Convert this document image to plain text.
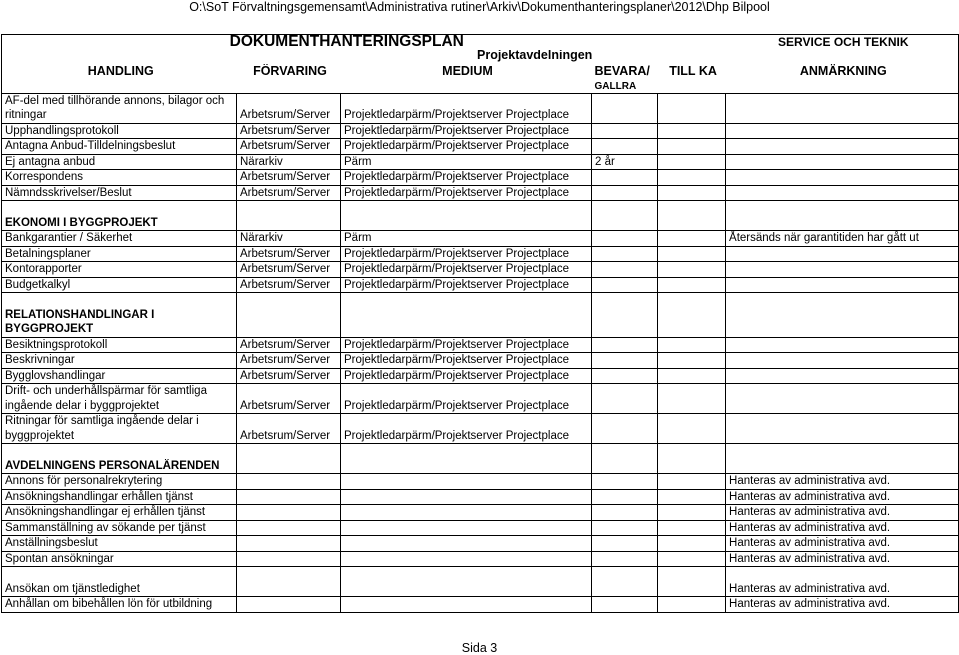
O:\SoT Förvaltningsgemensamt\Administrativa rutiner\Arkiv\Dokumenthanteringsplaner\2012\Dhp Bilpool
DOKUMENTHANTERINGSPLAN					SERVICE OCH TEKNIK

Projektavdelningen					

HANDLING	FÖRVARING	MEDIUM	BEVARA/	TILL KA	ANMÄRKNING
			GALLRA		
AF-del med tillhörande annons, bilagor och					
ritningar	Arbetsrum/Server	Projektledarpärm/Projektserver Projectplace			
Upphandlingsprotokoll	Arbetsrum/Server	Projektledarpärm/Projektserver Projectplace			
Antagna Anbud-Tilldelningsbeslut	Arbetsrum/Server	Projektledarpärm/Projektserver Projectplace			
Ej antagna anbud	Närarkiv	Pärm	2 år		
Korrespondens	Arbetsrum/Server	Projektledarpärm/Projektserver Projectplace			
Nämndsskrivelser/Beslut	Arbetsrum/Server	Projektledarpärm/Projektserver Projectplace			

EKONOMI I BYGGPROJEKT					
Bankgarantier / Säkerhet	Närarkiv	Pärm			Återsänds när garantitiden har gått ut
Betalningsplaner	Arbetsrum/Server	Projektledarpärm/Projektserver Projectplace			
Kontorapporter	Arbetsrum/Server	Projektledarpärm/Projektserver Projectplace			
Budgetkalkyl	Arbetsrum/Server	Projektledarpärm/Projektserver Projectplace			

RELATIONSHANDLINGAR I					
BYGGPROJEKT					
Besiktningsprotokoll	Arbetsrum/Server	Projektledarpärm/Projektserver Projectplace			
Beskrivningar	Arbetsrum/Server	Projektledarpärm/Projektserver Projectplace			
Bygglovshandlingar	Arbetsrum/Server	Projektledarpärm/Projektserver Projectplace			
Drift- och underhållspärmar för samtliga					
ingående delar i byggprojektet	Arbetsrum/Server	Projektledarpärm/Projektserver Projectplace			
Ritningar för samtliga ingående delar i					
byggprojektet	Arbetsrum/Server	Projektledarpärm/Projektserver Projectplace			

AVDELNINGENS PERSONALÄRENDEN					
Annons för personalrekrytering					Hanteras av administrativa avd.
Ansökningshandlingar erhållen tjänst					Hanteras av administrativa avd.
Ansökningshandlingar ej erhållen tjänst					Hanteras av administrativa avd.
Sammanställning av sökande per tjänst					Hanteras av administrativa avd.
Anställningsbeslut					Hanteras av administrativa avd.
Spontan ansökningar					Hanteras av administrativa avd.

Ansökan om tjänstledighet					Hanteras av administrativa avd.
Anhållan om bibehållen lön för utbildning					Hanteras av administrativa avd.
Sida 3
